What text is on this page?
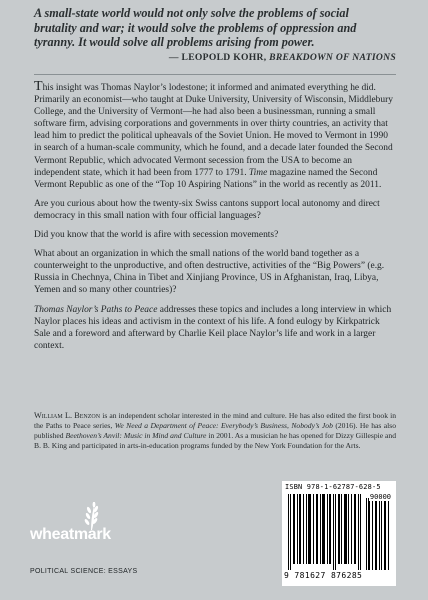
A small-state world would not only solve the problems of social brutality and war; it would solve the problems of oppression and tyranny. It would solve all problems arising from power.
— LEOPOLD KOHR, BREAKDOWN OF NATIONS

This insight was Thomas Naylor’s lodestone; it informed and animated everything he did. Primarily an economist—who taught at Duke University, University of Wisconsin, Middlebury College, and the University of Vermont—he had also been a businessman, running a small software firm, advising corporations and governments in over thirty countries, an activity that lead him to predict the political upheavals of the Soviet Union. He moved to Vermont in 1990 in search of a human-scale community, which he found, and a decade later founded the Second Vermont Republic, which advocated Vermont secession from the USA to become an independent state, which it had been from 1777 to 1791. Time magazine named the Second Vermont Republic as one of the “Top 10 Aspiring Nations” in the world as recently as 2011.

Are you curious about how the twenty-six Swiss cantons support local autonomy and direct democracy in this small nation with four official languages?

Did you know that the world is afire with secession movements?

What about an organization in which the small nations of the world band together as a counterweight to the unproductive, and often destructive, activities of the “Big Powers” (e.g. Russia in Chechnya, China in Tibet and Xinjiang Province, US in Afghanistan, Iraq, Libya, Yemen and so many other countries)?

Thomas Naylor’s Paths to Peace addresses these topics and includes a long interview in which Naylor places his ideas and activism in the context of his life. A fond eulogy by Kirkpatrick Sale and a foreword and afterward by Charlie Keil place Naylor’s life and work in a larger context.

William L. Benzon is an independent scholar interested in the mind and culture. He has also edited the first book in the Paths to Peace series, We Need a Department of Peace: Everybody’s Business, Nobody’s Job (2016). He has also published Beethoven’s Anvil: Music in Mind and Culture in 2001. As a musician he has opened for Dizzy Gillespie and B. B. King and participated in arts-in-education programs funded by the New York Foundation for the Arts.
wheatmark
POLITICAL SCIENCE: ESSAYS
ISBN 978-1-62787-628-5
9 781627 876285
90000
